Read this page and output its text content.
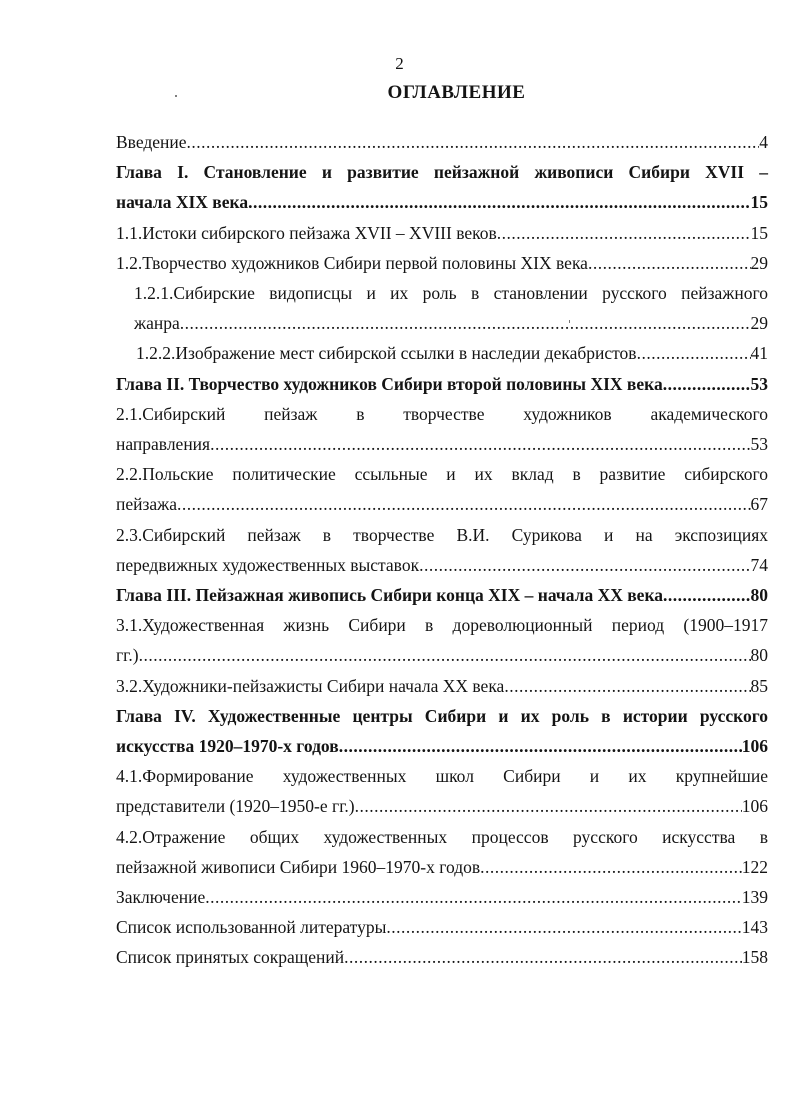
2
ОГЛАВЛЕНИЕ
Введение .....	4
Глава I. Становление и развитие пейзажной живописи Сибири XVII –
начала XIX века .....	15
1.1.Истоки сибирского пейзажа XVII – XVIII веков .....	15
1.2.Творчество художников Сибири первой половины XIX века .....	29
1.2.1.Сибирские видописцы и их роль в становлении русского пейзажного
жанра .....	29
1.2.2.Изображение мест сибирской ссылки в наследии декабристов .....	41
Глава II. Творчество художников Сибири второй половины XIX века .....	53
2.1.Сибирский пейзаж в творчестве художников академического
направления .....	53
2.2.Польские политические ссыльные и их вклад в развитие сибирского
пейзажа .....	67
2.3.Сибирский пейзаж в творчестве В.И. Сурикова и на экспозициях
передвижных художественных выставок .....	74
Глава III. Пейзажная живопись Сибири конца XIX – начала XX века .....	80
3.1.Художественная жизнь Сибири в дореволюционный период (1900–1917
гг.) .....	80
3.2.Художники-пейзажисты Сибири начала XX века .....	85
Глава IV. Художественные центры Сибири и их роль в истории русского
искусства 1920–1970-х годов .....	106
4.1.Формирование художественных школ Сибири и их крупнейшие
представители (1920–1950-е гг.) .....	106
4.2.Отражение общих художественных процессов русского искусства в
пейзажной живописи Сибири 1960–1970-х годов .....	122
Заключение .....	139
Список использованной литературы .....	143
Список принятых сокращений .....	158
